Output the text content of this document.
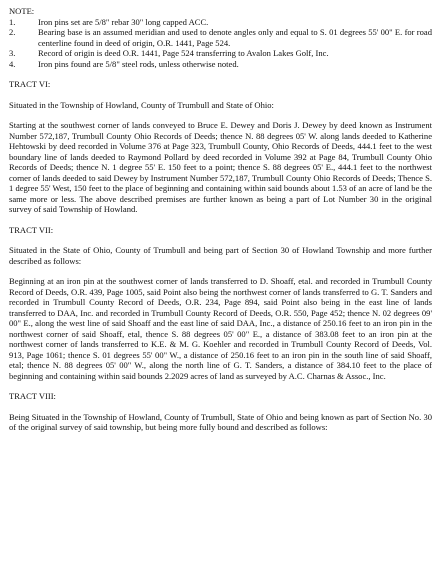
NOTE:
1.	Iron pins set are 5/8" rebar 30" long capped ACC.
2.	Bearing base is an assumed meridian and used to denote angles only and equal to S. 01 degrees 55' 00" E. for road centerline found in deed of origin, O.R. 1441, Page 524.
3.	Record of origin is deed O.R. 1441, Page 524 transferring to Avalon Lakes Golf, Inc.
4.	Iron pins found are 5/8" steel rods, unless otherwise noted.
TRACT VI:

Situated in the Township of Howland, County of Trumbull and State of Ohio:

Starting at the southwest corner of lands conveyed to Bruce E. Dewey and Doris J. Dewey by deed known as Instrument Number 572,187, Trumbull County Ohio Records of Deeds; thence N. 88 degrees 05' W. along lands deeded to Katherine Hehtowski by deed recorded in Volume 376 at Page 323, Trumbull County, Ohio Records of Deeds, 444.1 feet to the west boundary line of lands deeded to Raymond Pollard by deed recorded in Volume 392 at Page 84, Trumbull County Ohio Records of Deeds; thence N. 1 degree 55' E. 150 feet to a point; thence S. 88 degrees 05' E., 444.1 feet to the northwest corner of lands deeded to said Dewey by Instrument Number 572,187, Trumbull County Ohio Records of Deeds; Thence S. 1 degree 55' West, 150 feet to the place of beginning and containing within said bounds about 1.53 of an acre of land be the same more or less. The above described premises are further known as being a part of Lot Number 30 in the original survey of said Township of Howland.

TRACT VII:

Situated in the State of Ohio, County of Trumbull and being part of Section 30 of Howland Township and more further described as follows:

Beginning at an iron pin at the southwest corner of lands transferred to D. Shoaff, etal. and recorded in Trumbull County Record of Deeds, O.R. 439, Page 1005, said Point also being the northwest corner of lands transferred to G. T. Sanders and recorded in Trumbull County Record of Deeds, O.R. 234, Page 894, said Point also being in the east line of lands transferred to DAA, Inc. and recorded in Trumbull County Record of Deeds, O.R. 550, Page 452; thence N. 02 degrees 09' 00" E., along the west line of said Shoaff and the east line of said DAA, Inc., a distance of 250.16 feet to an iron pin in the northwest corner of said Shoaff, etal, thence S. 88 degrees 05' 00" E., a distance of 383.08 feet to an iron pin at the northwest corner of lands transferred to K.E. & M. G. Koehler and recorded in Trumbull County Record of Deeds, Vol. 913, Page 1061; thence S. 01 degrees 55' 00" W., a distance of 250.16 feet to an iron pin in the south line of said Shoaff, etal; thence N. 88 degrees 05' 00" W., along the north line of G. T. Sanders, a distance of 384.10 feet to the place of beginning and containing within said bounds 2.2029 acres of land as surveyed by A.C. Charnas & Assoc., Inc.

TRACT VIII:

Being Situated in the Township of Howland, County of Trumbull, State of Ohio and being known as part of Section No. 30 of the original survey of said township, but being more fully bound and described as follows:
